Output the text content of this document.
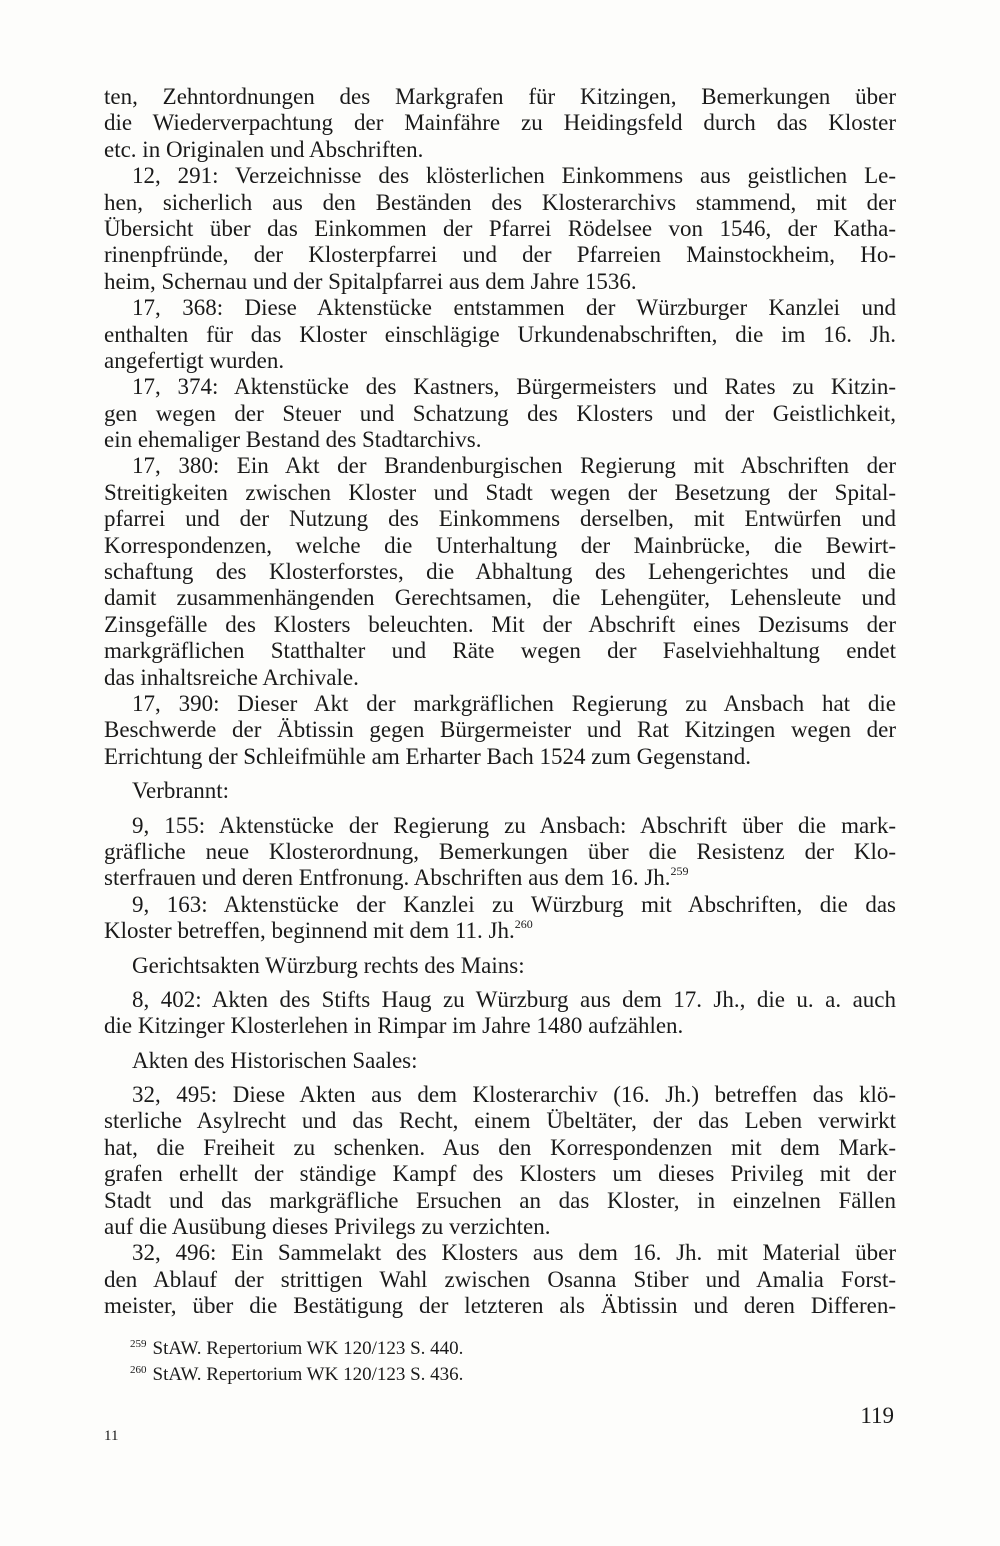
ten, Zehntordnungen des Markgrafen für Kitzingen, Bemerkungen über
die Wiederverpachtung der Mainfähre zu Heidingsfeld durch das Kloster
etc. in Originalen und Abschriften.
12, 291: Verzeichnisse des klösterlichen Einkommens aus geistlichen Le-
hen, sicherlich aus den Beständen des Klosterarchivs stammend, mit der
Übersicht über das Einkommen der Pfarrei Rödelsee von 1546, der Katha-
rinenpfründe, der Klosterpfarrei und der Pfarreien Mainstockheim, Ho-
heim, Schernau und der Spitalpfarrei aus dem Jahre 1536.
17, 368: Diese Aktenstücke entstammen der Würzburger Kanzlei und
enthalten für das Kloster einschlägige Urkundenabschriften, die im 16. Jh.
angefertigt wurden.
17, 374: Aktenstücke des Kastners, Bürgermeisters und Rates zu Kitzin-
gen wegen der Steuer und Schatzung des Klosters und der Geistlichkeit,
ein ehemaliger Bestand des Stadtarchivs.
17, 380: Ein Akt der Brandenburgischen Regierung mit Abschriften der
Streitigkeiten zwischen Kloster und Stadt wegen der Besetzung der Spital-
pfarrei und der Nutzung des Einkommens derselben, mit Entwürfen und
Korrespondenzen, welche die Unterhaltung der Mainbrücke, die Bewirt-
schaftung des Klosterforstes, die Abhaltung des Lehengerichtes und die
damit zusammenhängenden Gerechtsamen, die Lehengüter, Lehensleute und
Zinsgefälle des Klosters beleuchten. Mit der Abschrift eines Dezisums der
markgräflichen Statthalter und Räte wegen der Faselviehhaltung endet
das inhaltsreiche Archivale.
17, 390: Dieser Akt der markgräflichen Regierung zu Ansbach hat die
Beschwerde der Äbtissin gegen Bürgermeister und Rat Kitzingen wegen der
Errichtung der Schleifmühle am Erharter Bach 1524 zum Gegenstand.
Verbrannt:
9, 155: Aktenstücke der Regierung zu Ansbach: Abschrift über die mark-
gräfliche neue Klosterordnung, Bemerkungen über die Resistenz der Klo-
sterfrauen und deren Entfronung. Abschriften aus dem 16. Jh.$^{259}$
9, 163: Aktenstücke der Kanzlei zu Würzburg mit Abschriften, die das
Kloster betreffen, beginnend mit dem 11. Jh.$^{260}$
Gerichtsakten Würzburg rechts des Mains:
8, 402: Akten des Stifts Haug zu Würzburg aus dem 17. Jh., die u. a. auch
die Kitzinger Klosterlehen in Rimpar im Jahre 1480 aufzählen.
Akten des Historischen Saales:
32, 495: Diese Akten aus dem Klosterarchiv (16. Jh.) betreffen das klö-
sterliche Asylrecht und das Recht, einem Übeltäter, der das Leben verwirkt
hat, die Freiheit zu schenken. Aus den Korrespondenzen mit dem Mark-
grafen erhellt der ständige Kampf des Klosters um dieses Privileg mit der
Stadt und das markgräfliche Ersuchen an das Kloster, in einzelnen Fällen
auf die Ausübung dieses Privilegs zu verzichten.
32, 496: Ein Sammelakt des Klosters aus dem 16. Jh. mit Material über
den Ablauf der strittigen Wahl zwischen Osanna Stiber und Amalia Forst-
meister, über die Bestätigung der letzteren als Äbtissin und deren Differen-
$^{259}$ StAW. Repertorium WK 120/123 S. 440.
$^{260}$ StAW. Repertorium WK 120/123 S. 436.
119
11
